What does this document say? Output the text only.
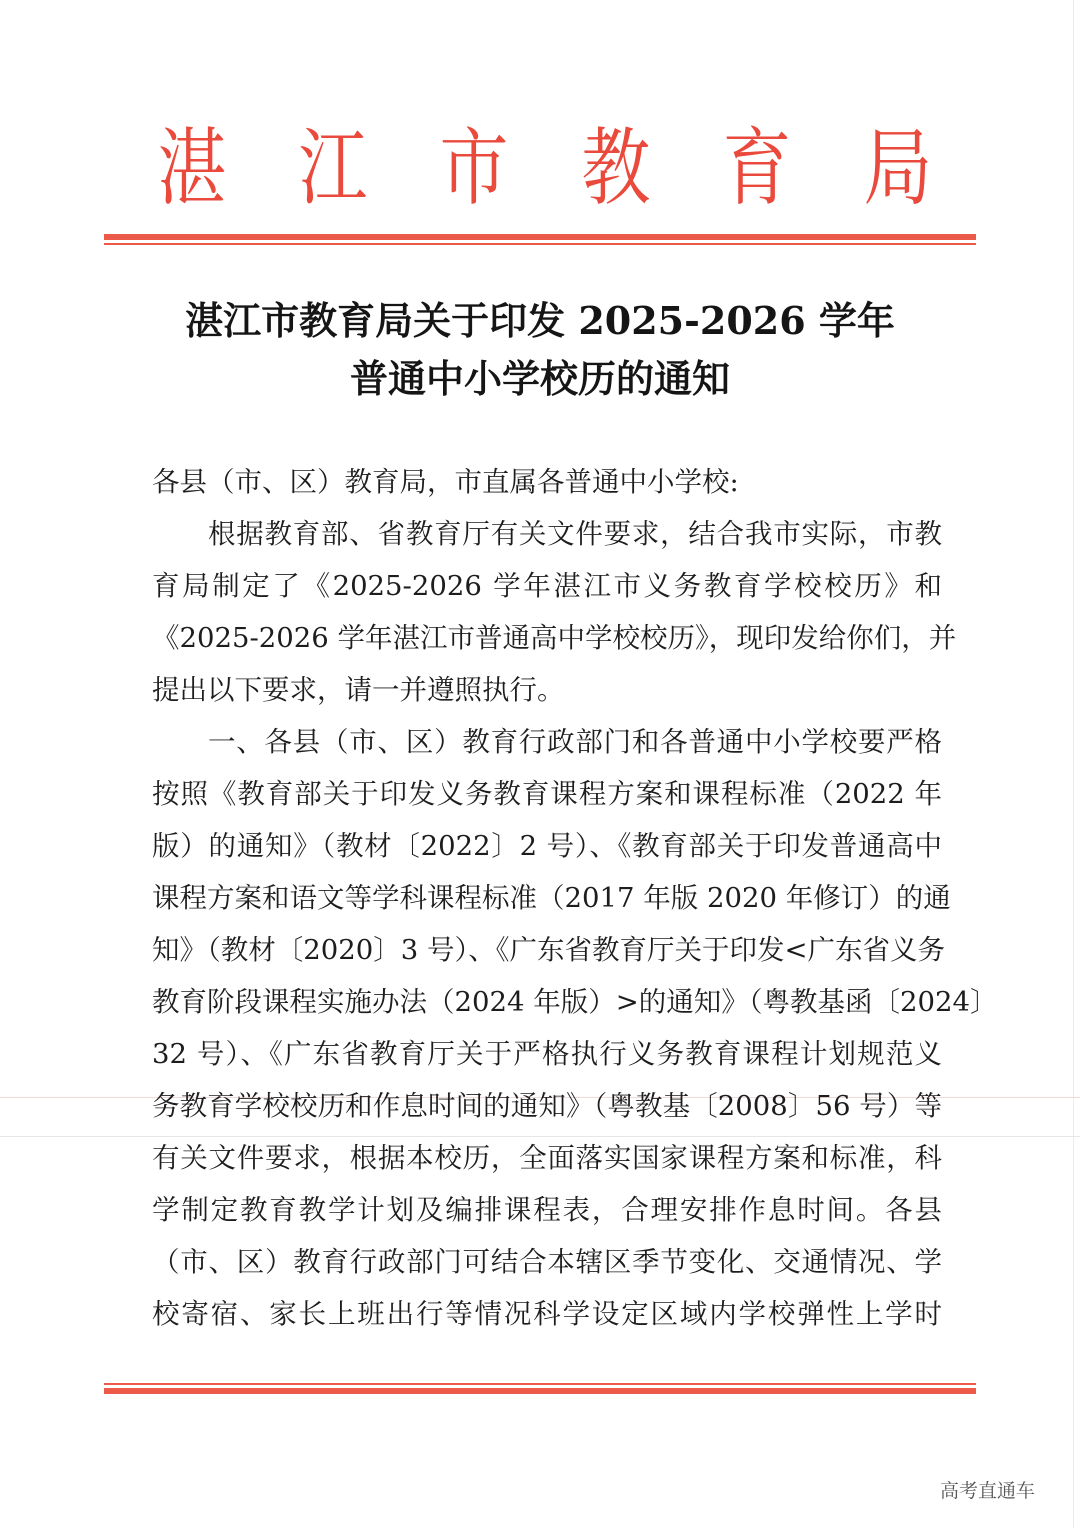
湛 江 市 教 育 局
湛江市教育局关于印发 2025-2026 学年
普通中小学校历的通知
各县（市、区）教育局，市直属各普通中小学校:
根据教育部、省教育厅有关文件要求，结合我市实际，市教
育局制定了《2025-2026 学年湛江市义务教育学校校历》和
《2025-2026 学年湛江市普通高中学校校历》，现印发给你们，并
提出以下要求，请一并遵照执行。
一、各县（市、区）教育行政部门和各普通中小学校要严格
按照《教育部关于印发义务教育课程方案和课程标准（2022 年
版）的通知》（教材〔2022〕2 号）、《教育部关于印发普通高中
课程方案和语文等学科课程标准（2017 年版 2020 年修订）的通
知》（教材〔2020〕3 号）、《广东省教育厅关于印发<广东省义务
教育阶段课程实施办法（2024 年版）>的通知》（粤教基函〔2024〕
32 号）、《广东省教育厅关于严格执行义务教育课程计划规范义
务教育学校校历和作息时间的通知》（粤教基〔2008〕56 号）等
有关文件要求，根据本校历，全面落实国家课程方案和标准，科
学制定教育教学计划及编排课程表，合理安排作息时间。各县
（市、区）教育行政部门可结合本辖区季节变化、交通情况、学
校寄宿、家长上班出行等情况科学设定区域内学校弹性上学时
高考直通车
